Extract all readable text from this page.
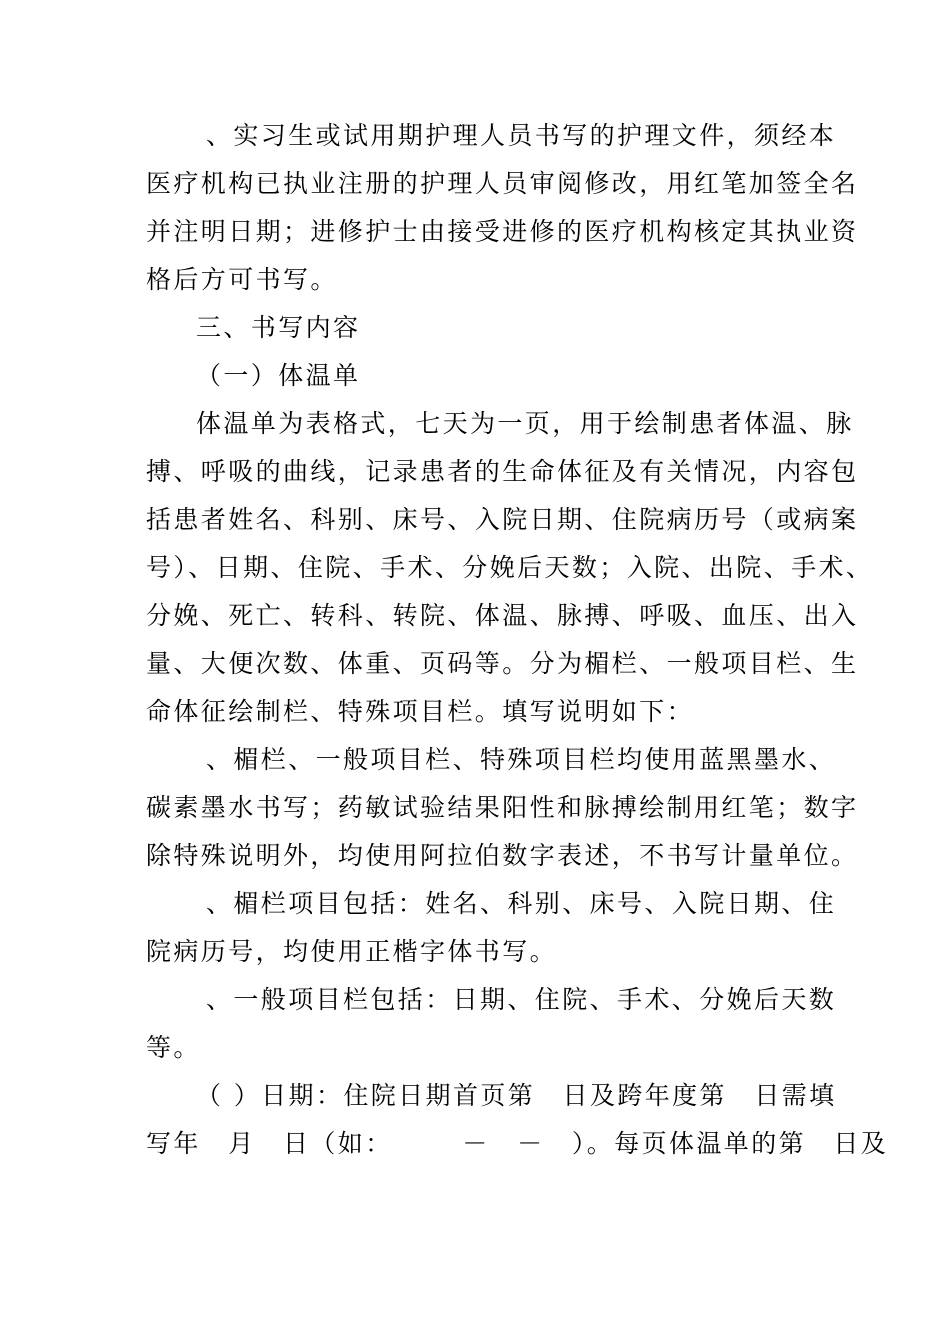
、实习生或试用期护理人员书写的护理文件，须经本

医疗机构已执业注册的护理人员审阅修改，用红笔加签全名

并注明日期；进修护士由接受进修的医疗机构核定其执业资

格后方可书写。

三、书写内容

（一）体温单

体温单为表格式，七天为一页，用于绘制患者体温、脉

搏、呼吸的曲线，记录患者的生命体征及有关情况，内容包

括患者姓名、科别、床号、入院日期、住院病历号（或病案

号）、日期、住院、手术、分娩后天数；入院、出院、手术、

分娩、死亡、转科、转院、体温、脉搏、呼吸、血压、出入

量、大便次数、体重、页码等。分为楣栏、一般项目栏、生

命体征绘制栏、特殊项目栏。填写说明如下：

、楣栏、一般项目栏、特殊项目栏均使用蓝黑墨水、

碳素墨水书写；药敏试验结果阳性和脉搏绘制用红笔；数字

除特殊说明外，均使用阿拉伯数字表述，不书写计量单位。

、楣栏项目包括：姓名、科别、床号、入院日期、住

院病历号，均使用正楷字体书写。

、一般项目栏包括：日期、住院、手术、分娩后天数

等。

（ ）日期：住院日期首页第　日及跨年度第　日需填

写年　月　日（如：　　　－　－　）。每页体温单的第　日及
